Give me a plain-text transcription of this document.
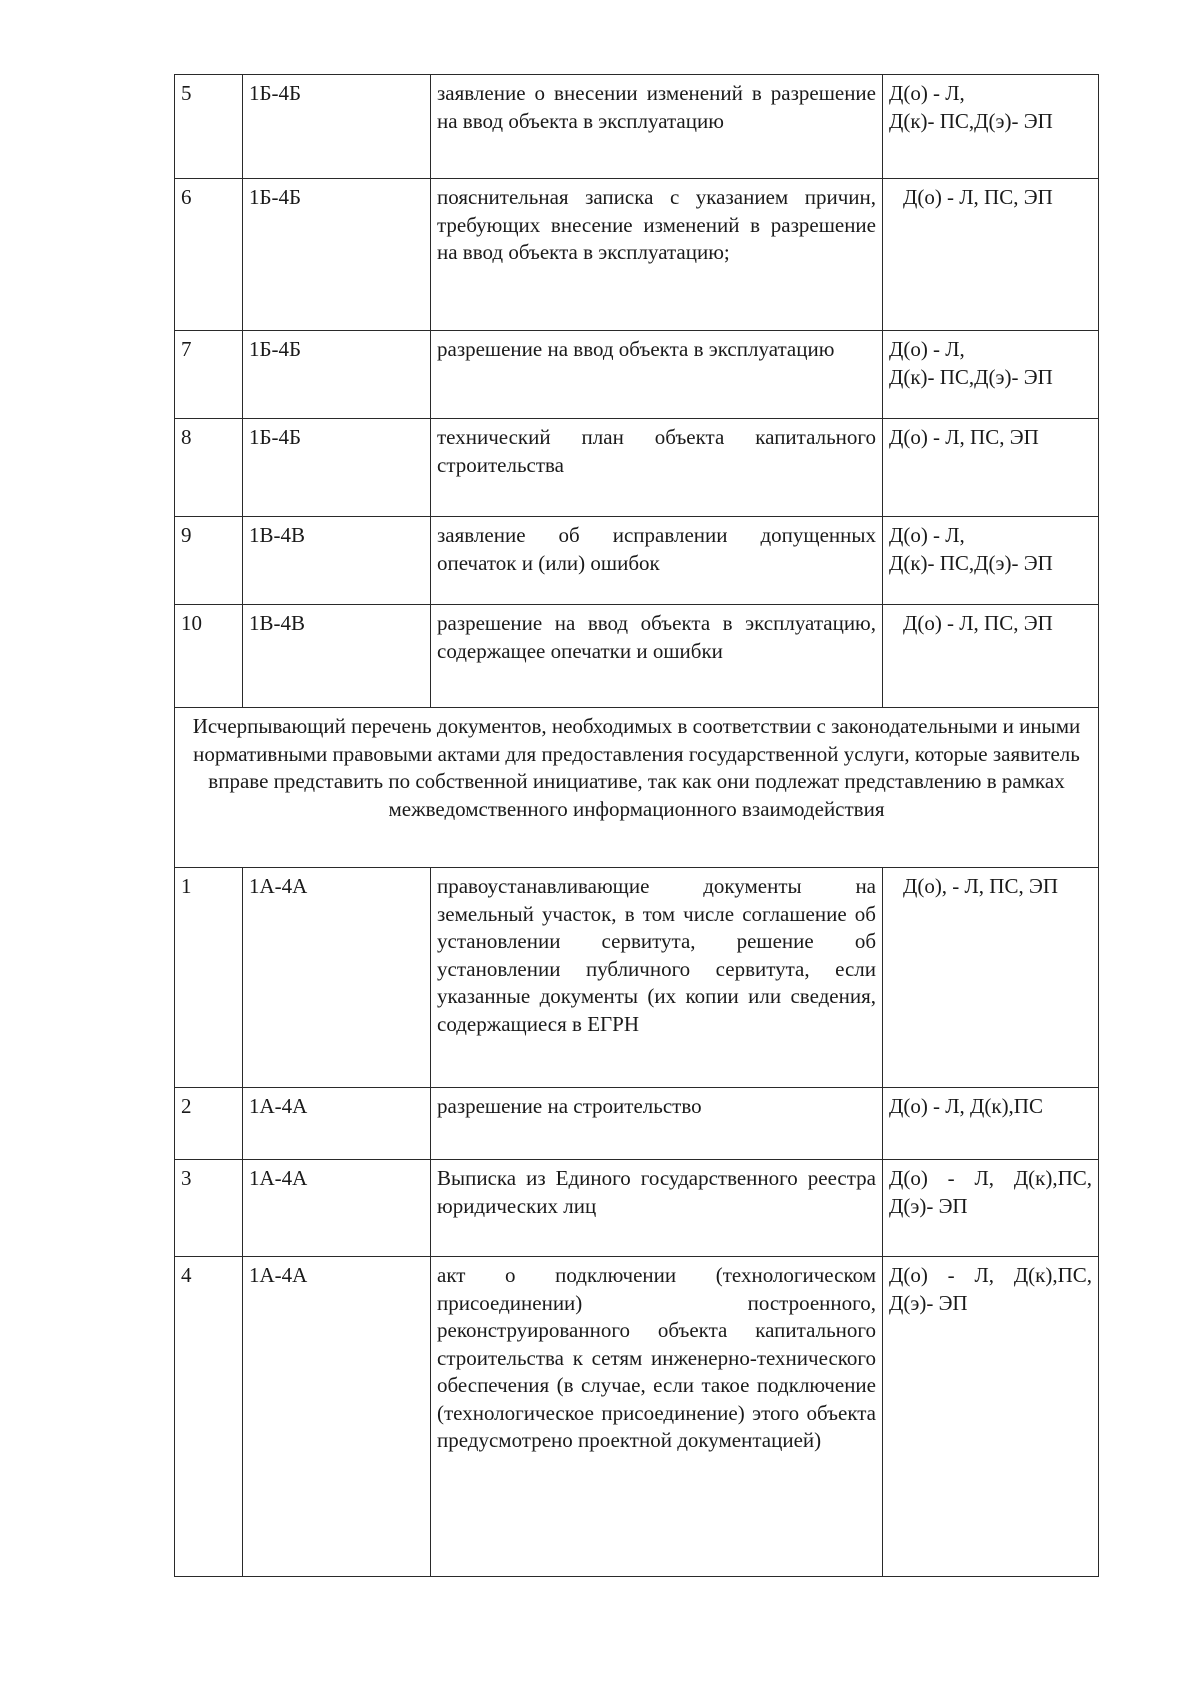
5	1Б-4Б	заявление о внесении изменений в разрешение на ввод объекта в эксплуатацию	Д(о) - Л,
Д(к)- ПС,Д(э)- ЭП

6	1Б-4Б	пояснительная записка с указанием причин, требующих внесение изменений в разрешение на ввод объекта в эксплуатацию;	Д(о) - Л, ПС, ЭП
7	1Б-4Б	разрешение на ввод объекта в эксплуатацию	Д(о) - Л,
Д(к)- ПС,Д(э)- ЭП

8	1Б-4Б	технический план объекта капитального строительства	Д(о) - Л, ПС, ЭП

9	1В-4В	заявление об исправлении допущенных опечаток и (или) ошибок	Д(о) - Л,
Д(к)- ПС,Д(э)- ЭП

10	1В-4В	разрешение на ввод объекта в эксплуатацию, содержащее опечатки и ошибки	Д(о) - Л, ПС, ЭП
Исчерпывающий перечень документов, необходимых в соответствии с законодательными и иными нормативными правовыми актами для предоставления государственной услуги, которые заявитель вправе представить по собственной инициативе, так как они подлежат представлению в рамках межведомственного информационного взаимодействия			
1	1А-4А	правоустанавливающие документы на земельный участок, в том числе соглашение об установлении сервитута, решение об установлении публичного сервитута, если указанные документы (их копии или сведения, содержащиеся в ЕГРН	Д(о), - Л, ПС, ЭП
2	1А-4А	разрешение на строительство	Д(о) - Л, Д(к),ПС

3	1А-4А	Выписка из Единого государственного реестра юридических лиц	Д(о) - Л, Д(к),ПС, Д(э)- ЭП
4	1А-4А	акт о подключении (технологическом присоединении) построенного, реконструированного объекта капитального строительства к сетям инженерно-технического обеспечения (в случае, если такое подключение (технологическое присоединение) этого объекта предусмотрено проектной документацией)	Д(о) - Л, Д(к),ПС, Д(э)- ЭП
